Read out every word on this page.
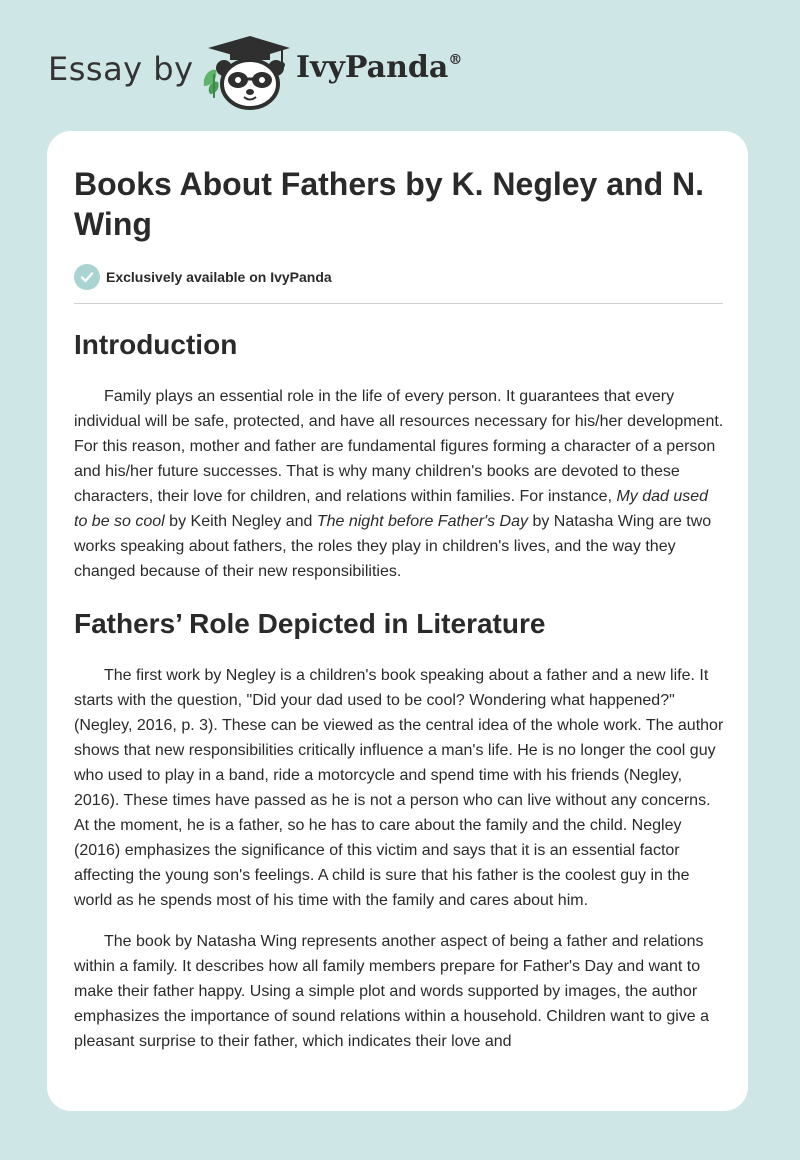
Essay by	IvyPanda®
Books About Fathers by K. Negley and N. Wing
Exclusively available on IvyPanda
Introduction

Family plays an essential role in the life of every person. It guarantees that every individual will be safe, protected, and have all resources necessary for his/her development. For this reason, mother and father are fundamental figures forming a character of a person and his/her future successes. That is why many children's books are devoted to these characters, their love for children, and relations within families. For instance, My dad used to be so cool by Keith Negley and The night before Father's Day by Natasha Wing are two works speaking about fathers, the roles they play in children's lives, and the way they changed because of their new responsibilities.

Fathers’ Role Depicted in Literature

The first work by Negley is a children's book speaking about a father and a new life. It starts with the question, "Did your dad used to be cool? Wondering what happened?" (Negley, 2016, p. 3). These can be viewed as the central idea of the whole work. The author shows that new responsibilities critically influence a man's life. He is no longer the cool guy who used to play in a band, ride a motorcycle and spend time with his friends (Negley, 2016). These times have passed as he is not a person who can live without any concerns. At the moment, he is a father, so he has to care about the family and the child. Negley (2016) emphasizes the significance of this victim and says that it is an essential factor affecting the young son's feelings. A child is sure that his father is the coolest guy in the world as he spends most of his time with the family and cares about him.

The book by Natasha Wing represents another aspect of being a father and relations within a family. It describes how all family members prepare for Father's Day and want to make their father happy. Using a simple plot and words supported by images, the author emphasizes the importance of sound relations within a household. Children want to give a pleasant surprise to their father, which indicates their love and
